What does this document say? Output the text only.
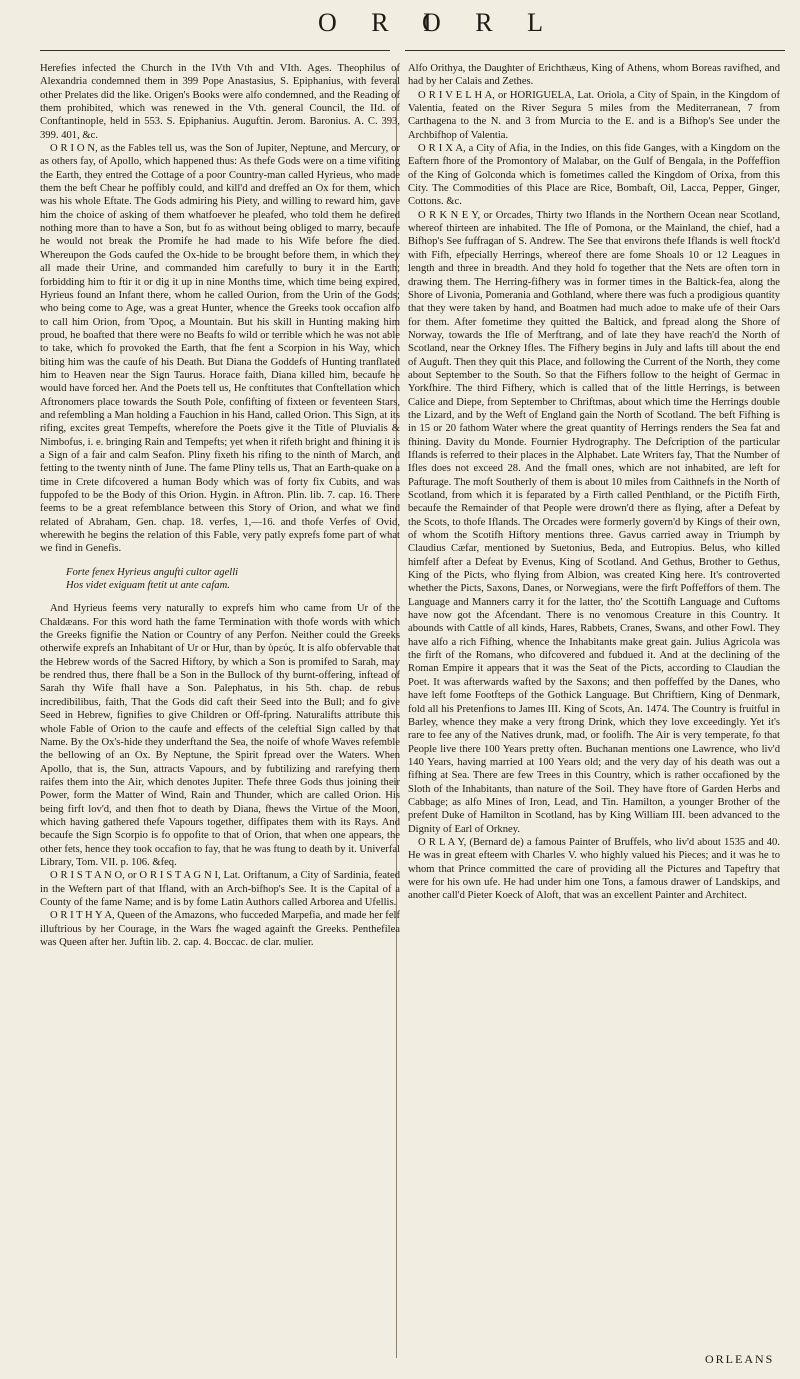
O R I
O R L

Herefies infected the Church in the IVth Vth and VIth. Ages. Theophilus of Alexandria condemned them in 399 Pope Anastasius, S. Epiphanius, with feveral other Prelates did the like. Origen's Books were alfo condemned, and the Reading of them prohibited, which was renewed in the Vth. general Council, the IId. of Conftantinople, held in 553. S. Epiphanius. Auguftin. Jerom. Baronius. A. C. 393, 399. 401, &c.

O R I O N, as the Fables tell us, was the Son of Jupiter, Neptune, and Mercury, or as others fay, of Apollo, which happened thus: As thefe Gods were on a time vifiting the Earth, they entred the Cottage of a poor Country-man called Hyrieus, who made them the beft Chear he poffibly could, and kill'd and dreffed an Ox for them, which was his whole Eftate. The Gods admiring his Piety, and willing to reward him, gave him the choice of asking of them whatfoever he pleafed, who told them he defired nothing more than to have a Son, but fo as without being obliged to marry, becaufe he would not break the Promife he had made to his Wife before fhe died. Whereupon the Gods caufed the Ox-hide to be brought before them, in which they all made their Urine, and commanded him carefully to bury it in the Earth; forbidding him to ftir it or dig it up in nine Months time, which time being expired, Hyrieus found an Infant there, whom he called Ourion, from the Urin of the Gods; who being come to Age, was a great Hunter, whence the Greeks took occafion alfo to call him Orion, from Ὄρος, a Mountain. But his skill in Hunting making him proud, he boafted that there were no Beafts fo wild or terrible which he was not able to take, which fo provoked the Earth, that fhe fent a Scorpion in his Way, which biting him was the caufe of his Death. But Diana the Goddefs of Hunting tranflated him to Heaven near the Sign Taurus. Horace faith, Diana killed him, becaufe he would have forced her. And the Poets tell us, He conftitutes that Conftellation which Aftronomers place towards the South Pole, confifting of fixteen or feventeen Stars, and refembling a Man holding a Fauchion in his Hand, called Orion. This Sign, at its rifing, excites great Tempefts, wherefore the Poets give it the Title of Pluvialis & Nimbofus, i. e. bringing Rain and Tempefts; yet when it rifeth bright and fhining it is a Sign of a fair and calm Seafon. Pliny fixeth his rifing to the ninth of March, and fetting to the twenty ninth of June. The fame Pliny tells us, That an Earth-quake on a time in Crete difcovered a human Body which was of forty fix Cubits, and was fuppofed to be the Body of this Orion. Hygin. in Aftron. Plin. lib. 7. cap. 16. There feems to be a great refemblance between this Story of Orion, and what we find related of Abraham, Gen. chap. 18. verfes, 1,—16. and thofe Verfes of Ovid, wherewith he begins the relation of this Fable, very patly exprefs fome part of what we find in Genefis.

Forte fenex Hyrieus angufti cultor agelli
Hos videt exiguam ftetit ut ante cafam.

And Hyrieus feems very naturally to exprefs him who came from Ur of the Chaldæans. For this word hath the fame Termination with thofe words with which the Greeks fignifie the Nation or Country of any Perfon. Neither could the Greeks otherwife exprefs an Inhabitant of Ur or Hur, than by ὑρεύς. It is alfo obfervable that the Hebrew words of the Sacred Hiftory, by which a Son is promifed to Sarah, may be rendred thus, there fhall be a Son in the Bullock of thy burnt-offering, inftead of Sarah thy Wife fhall have a Son. Palephatus, in his 5th. chap. de rebus incredibilibus, faith, That the Gods did caft their Seed into the Bull; and fo give Seed in Hebrew, fignifies to give Children or Off-fpring. Naturalifts attribute this whole Fable of Orion to the caufe and effects of the celeftial Sign called by that Name. By the Ox's-hide they underftand the Sea, the noife of whofe Waves refemble the bellowing of an Ox. By Neptune, the Spirit fpread over the Waters. When Apollo, that is, the Sun, attracts Vapours, and by fubtilizing and rarefying them raifes them into the Air, which denotes Jupiter. Thefe three Gods thus joining their Power, form the Matter of Wind, Rain and Thunder, which are called Orion. His being firft lov'd, and then fhot to death by Diana, fhews the Virtue of the Moon, which having gathered thefe Vapours together, diffipates them with its Rays. And becaufe the Sign Scorpio is fo oppofite to that of Orion, that when one appears, the other fets, hence they took occafion to fay, that he was ftung to death by it. Univerfal Library, Tom. VII. p. 106. &feq.

O R I S T A N O, or O R I S T A G N I, Lat. Oriftanum, a City of Sardinia, feated in the Weftern part of that Ifland, with an Arch-bifhop's See. It is the Capital of a County of the fame Name; and is by fome Latin Authors called Arborea and Ufellis.

O R I T H Y A, Queen of the Amazons, who fucceded Marpefia, and made her felf illuftrious by her Courage, in the Wars fhe waged againft the Greeks. Penthefilea was Queen after her. Juftin lib. 2. cap. 4. Boccac. de clar. mulier.

Alfo Orithya, the Daughter of Erichthæus, King of Athens, whom Boreas ravifhed, and had by her Calais and Zethes.

O R I V E L H A, or HORIGUELA, Lat. Oriola, a City of Spain, in the Kingdom of Valentia, feated on the River Segura 5 miles from the Mediterranean, 7 from Carthagena to the N. and 3 from Murcia to the E. and is a Bifhop's See under the Archbifhop of Valentia.

O R I X A, a City of Afia, in the Indies, on this fide Ganges, with a Kingdom on the Eaftern fhore of the Promontory of Malabar, on the Gulf of Bengala, in the Poffeffion of the King of Golconda which is fometimes called the Kingdom of Orixa, from this City. The Commodities of this Place are Rice, Bombaft, Oil, Lacca, Pepper, Ginger, Cottons. &c.

O R K N E Y, or Orcades, Thirty two Iflands in the Northern Ocean near Scotland, whereof thirteen are inhabited. The Ifle of Pomona, or the Mainland, the chief, had a Bifhop's See fuffragan of S. Andrew. The See that environs thefe Iflands is well ftock'd with Fifh, efpecially Herrings, whereof there are fome Shoals 10 or 12 Leagues in length and three in breadth. And they hold fo together that the Nets are often torn in drawing them. The Herring-fifhery was in former times in the Baltick-fea, along the Shore of Livonia, Pomerania and Gothland, where there was fuch a prodigious quantity that they were taken by hand, and Boatmen had much adoe to make ufe of their Oars for them. After fometime they quitted the Baltick, and fpread along the Shore of Norway, towards the Ifle of Merftrang, and of late they have reach'd the North of Scotland, near the Orkney Ifles. The Fifhery begins in July and lafts till about the end of Auguft. Then they quit this Place, and following the Current of the North, they come about September to the South. So that the Fifhers follow to the height of Germac in Yorkfhire. The third Fifhery, which is called that of the little Herrings, is between Calice and Diepe, from September to Chriftmas, about which time the Herrings double the Lizard, and by the Weft of England gain the North of Scotland. The beft Fifhing is in 15 or 20 fathom Water where the great quantity of Herrings renders the Sea fat and fhining. Davity du Monde. Fournier Hydrography. The Defcription of the particular Iflands is referred to their places in the Alphabet. Late Writers fay, That the Number of Ifles does not exceed 28. And the fmall ones, which are not inhabited, are left for Pafturage. The moft Southerly of them is about 10 miles from Caithnefs in the North of Scotland, from which it is feparated by a Firth called Penthland, or the Pictifh Firth, becaufe the Remainder of that People were drown'd there as flying, after a Defeat by the Scots, to thofe Iflands. The Orcades were formerly govern'd by Kings of their own, of whom the Scotifh Hiftory mentions three. Gavus carried away in Triumph by Claudius Cæfar, mentioned by Suetonius, Beda, and Eutropius. Belus, who killed himfelf after a Defeat by Evenus, King of Scotland. And Gethus, Brother to Gethus, King of the Picts, who flying from Albion, was created King here. It's controverted whether the Picts, Saxons, Danes, or Norwegians, were the firft Poffeffors of them. The Language and Manners carry it for the latter, tho' the Scottifh Language and Cuftoms have now got the Afcendant. There is no venomous Creature in this Country. It abounds with Cattle of all kinds, Hares, Rabbets, Cranes, Swans, and other Fowl. They have alfo a rich Fifhing, whence the Inhabitants make great gain. Julius Agricola was the firft of the Romans, who difcovered and fubdued it. And at the declining of the Roman Empire it appears that it was the Seat of the Picts, according to Claudian the Poet. It was afterwards wafted by the Saxons; and then poffeffed by the Danes, who have left fome Footfteps of the Gothick Language. But Chriftiern, King of Denmark, fold all his Pretenfions to James III. King of Scots, An. 1474. The Country is fruitful in Barley, whence they make a very ftrong Drink, which they love exceedingly. Yet it's rare to fee any of the Natives drunk, mad, or foolifh. The Air is very temperate, fo that People live there 100 Years pretty often. Buchanan mentions one Lawrence, who liv'd 140 Years, having married at 100 Years old; and the very day of his death was out a fifhing at Sea. There are few Trees in this Country, which is rather occafioned by the Sloth of the Inhabitants, than nature of the Soil. They have ftore of Garden Herbs and Cabbage; as alfo Mines of Iron, Lead, and Tin. Hamilton, a younger Brother of the prefent Duke of Hamilton in Scotland, has by King William III. been advanced to the Dignity of Earl of Orkney.

O R L A Y, (Bernard de) a famous Painter of Bruffels, who liv'd about 1535 and 40. He was in great efteem with Charles V. who highly valued his Pieces; and it was he to whom that Prince committed the care of providing all the Pictures and Tapeftry that were for his own ufe. He had under him one Tons, a famous drawer of Landskips, and another call'd Pieter Koeck of Aloft, that was an excellent Painter and Architect.

ORLEANS
